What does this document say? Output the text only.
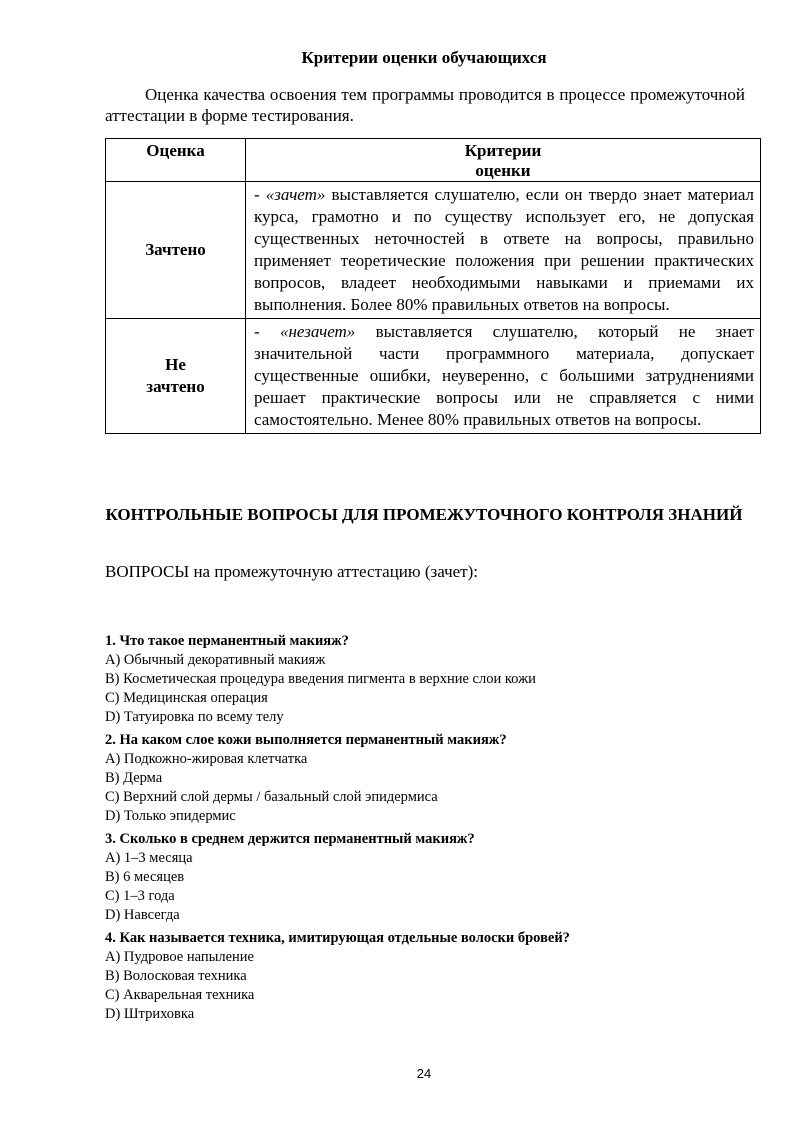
Критерии оценки обучающихся
Оценка качества освоения тем программы проводится в процессе промежуточной аттестации в форме тестирования.
Оценка	Критерии
оценки

Зачтено	- «зачет» выставляется слушателю, если он твердо знает материал курса, грамотно и по существу использует его, не допуская существенных неточностей в ответе на вопросы, правильно применяет теоретические положения при решении практических вопросов, владеет необходимыми навыками и приемами их выполнения. Более 80% правильных ответов на вопросы.

Не
зачтено	- «незачет» выставляется слушателю, который не знает значительной части программного материала, допускает существенные ошибки, неуверенно, с большими затруднениями решает практические вопросы или не справляется с ними самостоятельно. Менее 80% правильных ответов на вопросы.
КОНТРОЛЬНЫЕ ВОПРОСЫ ДЛЯ ПРОМЕЖУТОЧНОГО КОНТРОЛЯ ЗНАНИЙ
ВОПРОСЫ на промежуточную аттестацию (зачет):
1. Что такое перманентный макияж?
A) Обычный декоративный макияж
B) Косметическая процедура введения пигмента в верхние слои кожи
C) Медицинская операция
D) Татуировка по всему телу
2. На каком слое кожи выполняется перманентный макияж?
A) Подкожно-жировая клетчатка
B) Дерма
C) Верхний слой дермы / базальный слой эпидермиса
D) Только эпидермис
3. Сколько в среднем держится перманентный макияж?
A) 1–3 месяца
B) 6 месяцев
C) 1–3 года
D) Навсегда
4. Как называется техника, имитирующая отдельные волоски бровей?
A) Пудровое напыление
B) Волосковая техника
C) Акварельная техника
D) Штриховка
24
